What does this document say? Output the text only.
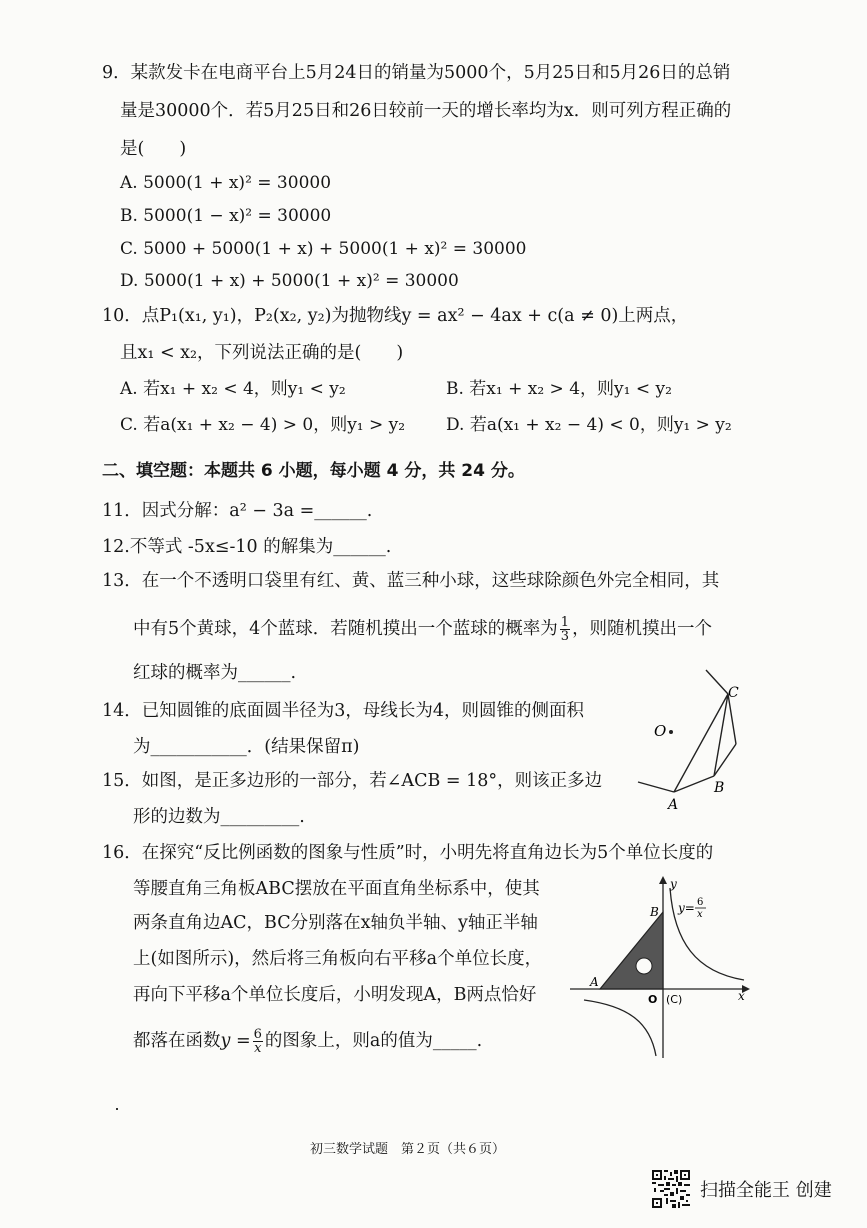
9．某款发卡在电商平台上5月24日的销量为5000个，5月25日和5月26日的总销
量是30000个．若5月25日和26日较前一天的增长率均为x．则可列方程正确的
是(　　)
A. 5000(1 + x)² = 30000
B. 5000(1 − x)² = 30000
C. 5000 + 5000(1 + x) + 5000(1 + x)² = 30000
D. 5000(1 + x) + 5000(1 + x)² = 30000
10．点P₁(x₁, y₁)，P₂(x₂, y₂)为抛物线y = ax² − 4ax + c(a ≠ 0)上两点，
且x₁ < x₂，下列说法正确的是(　　)
A. 若x₁ + x₂ < 4，则y₁ < y₂	B. 若x₁ + x₂ > 4，则y₁ < y₂
C. 若a(x₁ + x₂ − 4) > 0，则y₁ > y₂ D. 若a(x₁ + x₂ − 4) < 0，则y₁ > y₂
二、填空题：本题共 6 小题，每小题 4 分，共 24 分。
11．因式分解：a² − 3a =______.
12.不等式 -5x≤-10 的解集为______.
13．在一个不透明口袋里有红、黄、蓝三种小球，这些球除颜色外完全相同，其
中有5个黄球，4个蓝球．若随机摸出一个蓝球的概率为 $\frac{1}{3}$ ，则随机摸出一个
红球的概率为______.
14．已知圆锥的底面圆半径为3，母线长为4，则圆锥的侧面积
为___________．(结果保留π)
15．如图，是正多边形的一部分，若∠ACB = 18°，则该正多边
形的边数为_________.
O
C
B
A
16．在探究“反比例函数的图象与性质”时，小明先将直角边长为5个单位长度的
等腰直角三角板ABC摆放在平面直角坐标系中，使其
两条直角边AC，BC分别落在x轴负半轴、y轴正半轴
上(如图所示)，然后将三角板向右平移a个单位长度，
再向下平移a个单位长度后，小明发现A，B两点恰好
都落在函数$y = \frac{6}{x}$ 的图象上，则a的值为_____.
y
x
B
A
O (C)
y= 6
x
初三数学试题　第２页（共６页）
扫描全能王 创建
